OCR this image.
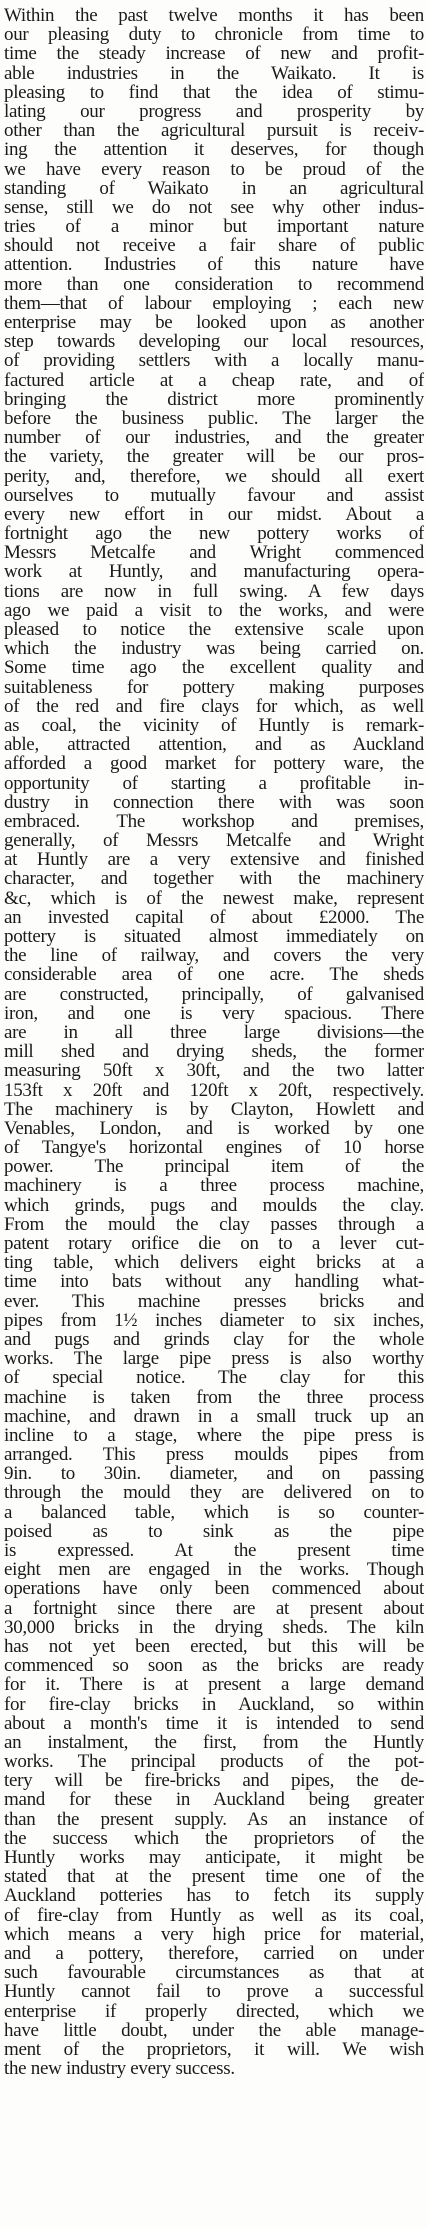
Within the past twelve months it has been
our pleasing duty to chronicle from time to
time the steady increase of new and profit-
able industries in the Waikato. It is
pleasing to find that the idea of stimu-
lating our progress and prosperity by
other than the agricultural pursuit is receiv-
ing the attention it deserves, for though
we have every reason to be proud of the
standing of Waikato in an agricultural
sense, still we do not see why other indus-
tries of a minor but important nature
should not receive a fair share of public
attention. Industries of this nature have
more than one consideration to recommend
them—that of labour employing ; each new
enterprise may be looked upon as another
step towards developing our local resources,
of providing settlers with a locally manu-
factured article at a cheap rate, and of
bringing the district more prominently
before the business public. The larger the
number of our industries, and the greater
the variety, the greater will be our pros-
perity, and, therefore, we should all exert
ourselves to mutually favour and assist
every new effort in our midst. About a
fortnight ago the new pottery works of
Messrs Metcalfe and Wright commenced
work at Huntly, and manufacturing opera-
tions are now in full swing. A few days
ago we paid a visit to the works, and were
pleased to notice the extensive scale upon
which the industry was being carried on.
Some time ago the excellent quality and
suitableness for pottery making purposes
of the red and fire clays for which, as well
as coal, the vicinity of Huntly is remark-
able, attracted attention, and as Auckland
afforded a good market for pottery ware, the
opportunity of starting a profitable in-
dustry in connection there with was soon
embraced. The workshop and premises,
generally, of Messrs Metcalfe and Wright
at Huntly are a very extensive and finished
character, and together with the machinery
&c, which is of the newest make, represent
an invested capital of about £2000. The
pottery is situated almost immediately on
the line of railway, and covers the very
considerable area of one acre. The sheds
are constructed, principally, of galvanised
iron, and one is very spacious. There
are in all three large divisions—the
mill shed and drying sheds, the former
measuring 50ft x 30ft, and the two latter
153ft x 20ft and 120ft x 20ft, respectively.
The machinery is by Clayton, Howlett and
Venables, London, and is worked by one
of Tangye's horizontal engines of 10 horse
power. The principal item of the
machinery is a three process machine,
which grinds, pugs and moulds the clay.
From the mould the clay passes through a
patent rotary orifice die on to a lever cut-
ting table, which delivers eight bricks at a
time into bats without any handling what-
ever. This machine presses bricks and
pipes from 1½ inches diameter to six inches,
and pugs and grinds clay for the whole
works. The large pipe press is also worthy
of special notice. The clay for this
machine is taken from the three process
machine, and drawn in a small truck up an
incline to a stage, where the pipe press is
arranged. This press moulds pipes from
9in. to 30in. diameter, and on passing
through the mould they are delivered on to
a balanced table, which is so counter-
poised as to sink as the pipe
is expressed. At the present time
eight men are engaged in the works. Though
operations have only been commenced about
a fortnight since there are at present about
30,000 bricks in the drying sheds. The kiln
has not yet been erected, but this will be
commenced so soon as the bricks are ready
for it. There is at present a large demand
for fire-clay bricks in Auckland, so within
about a month's time it is intended to send
an instalment, the first, from the Huntly
works. The principal products of the pot-
tery will be fire-bricks and pipes, the de-
mand for these in Auckland being greater
than the present supply. As an instance of
the success which the proprietors of the
Huntly works may anticipate, it might be
stated that at the present time one of the
Auckland potteries has to fetch its supply
of fire-clay from Huntly as well as its coal,
which means a very high price for material,
and a pottery, therefore, carried on under
such favourable circumstances as that at
Huntly cannot fail to prove a successful
enterprise if properly directed, which we
have little doubt, under the able manage-
ment of the proprietors, it will. We wish
the new industry every success.
